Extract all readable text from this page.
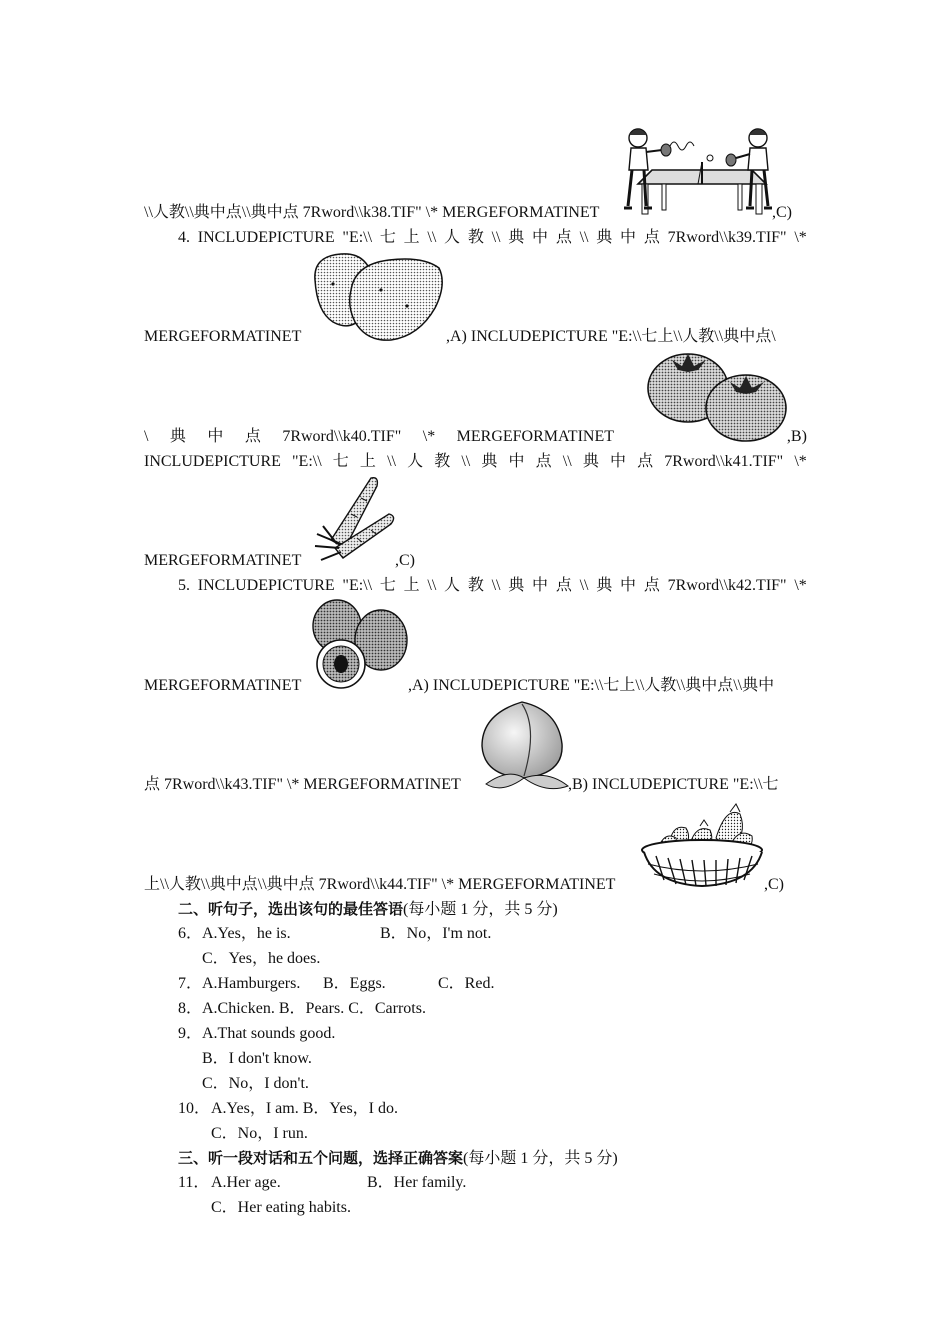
\\人教\\典中点\\典中点 7Rword\\k38.TIF" \* MERGEFORMATINET	,C)
4. INCLUDEPICTURE "E:\\ 七 上 \\ 人 教 \\ 典 中 点 \\ 典 中 点 7Rword\\k39.TIF" \*
MERGEFORMATINET	,A) INCLUDEPICTURE "E:\\七上\\人教\\典中点\
\ 典 中 点 7Rword\\k40.TIF" \* MERGEFORMATINET	,B)
INCLUDEPICTURE "E:\\ 七 上 \\ 人 教 \\ 典 中 点 \\ 典 中 点 7Rword\\k41.TIF" \*
MERGEFORMATINET	,C)
5. INCLUDEPICTURE "E:\\ 七 上 \\ 人 教 \\ 典 中 点 \\ 典 中 点 7Rword\\k42.TIF" \*
MERGEFORMATINET	,A) INCLUDEPICTURE "E:\\七上\\人教\\典中点\\典中
点 7Rword\\k43.TIF" \* MERGEFORMATINET	,B) INCLUDEPICTURE "E:\\七
上\\人教\\典中点\\典中点 7Rword\\k44.TIF" \* MERGEFORMATINET	,C)
二、听句子，选出该句的最佳答语(每小题 1 分，共 5 分)
6． A.Yes，he is.	B．No，I'm not.
C．Yes，he does.
7． A.Hamburgers. B．Eggs.	C．Red.
8． A.Chicken. B．Pears. C．Carrots.
9． A.That sounds good.
B．I don't know.
C．No，I don't.
10． A.Yes，I am. B．Yes，I do.
C．No，I run.
三、听一段对话和五个问题，选择正确答案(每小题 1 分，共 5 分)
11． A.Her age.	B．Her family.
C．Her eating habits.
